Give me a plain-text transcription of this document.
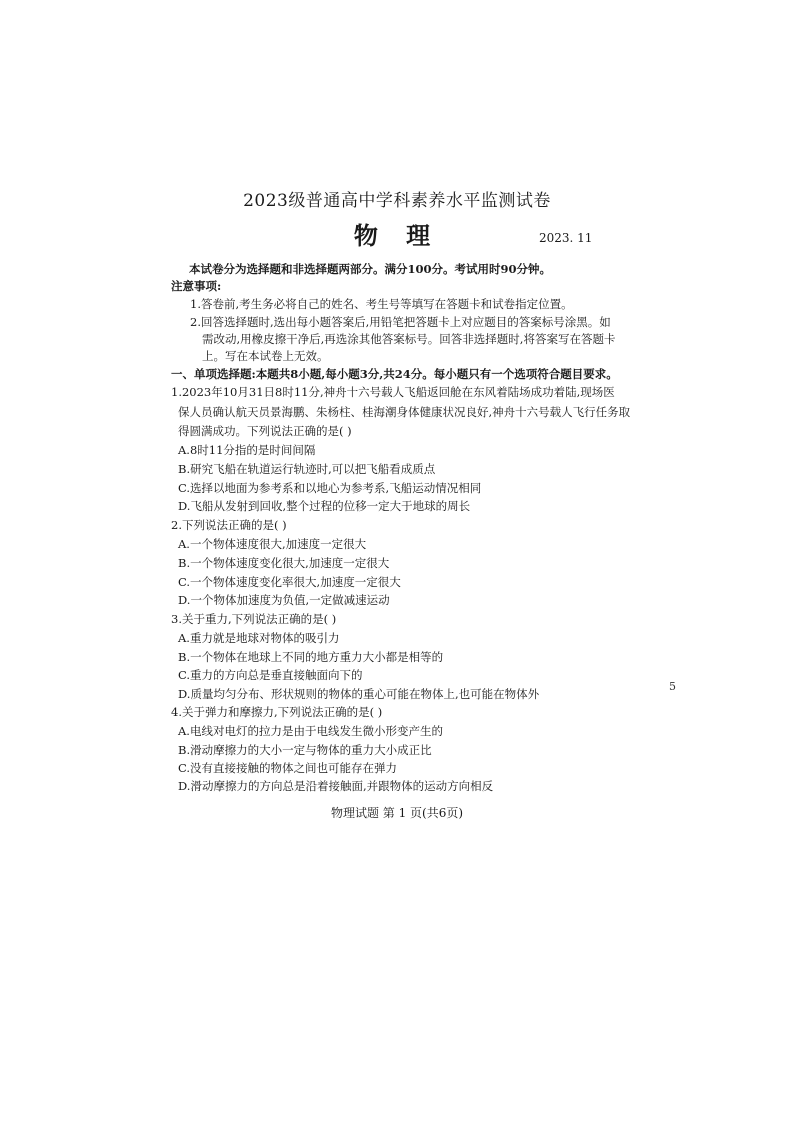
2023级普通高中学科素养水平监测试卷
物 理	2023. 11
本试卷分为选择题和非选择题两部分。满分100分。考试用时90分钟。
注意事项:
1.答卷前,考生务必将自己的姓名、考生号等填写在答题卡和试卷指定位置。
2.回答选择题时,选出每小题答案后,用铅笔把答题卡上对应题目的答案标号涂黑。如
需改动,用橡皮擦干净后,再选涂其他答案标号。回答非选择题时,将答案写在答题卡
上。写在本试卷上无效。
一、单项选择题:本题共8小题,每小题3分,共24分。每小题只有一个选项符合题目要求。
1.2023年10月31日8时11分,神舟十六号载人飞船返回舱在东风着陆场成功着陆,现场医
保人员确认航天员景海鹏、朱杨柱、桂海潮身体健康状况良好,神舟十六号载人飞行任务取
得圆满成功。下列说法正确的是( )
A.8时11分指的是时间间隔
B.研究飞船在轨道运行轨迹时,可以把飞船看成质点
C.选择以地面为参考系和以地心为参考系,飞船运动情况相同
D.飞船从发射到回收,整个过程的位移一定大于地球的周长
2.下列说法正确的是( )
A.一个物体速度很大,加速度一定很大
B.一个物体速度变化很大,加速度一定很大
C.一个物体速度变化率很大,加速度一定很大
D.一个物体加速度为负值,一定做减速运动
3.关于重力,下列说法正确的是( )
A.重力就是地球对物体的吸引力
B.一个物体在地球上不同的地方重力大小都是相等的
C.重力的方向总是垂直接触面向下的
D.质量均匀分布、形状规则的物体的重心可能在物体上,也可能在物体外
4.关于弹力和摩擦力,下列说法正确的是( )
A.电线对电灯的拉力是由于电线发生微小形变产生的
B.滑动摩擦力的大小一定与物体的重力大小成正比
C.没有直接接触的物体之间也可能存在弹力
D.滑动摩擦力的方向总是沿着接触面,并跟物体的运动方向相反
5
物理试题 第 1 页(共6页)
